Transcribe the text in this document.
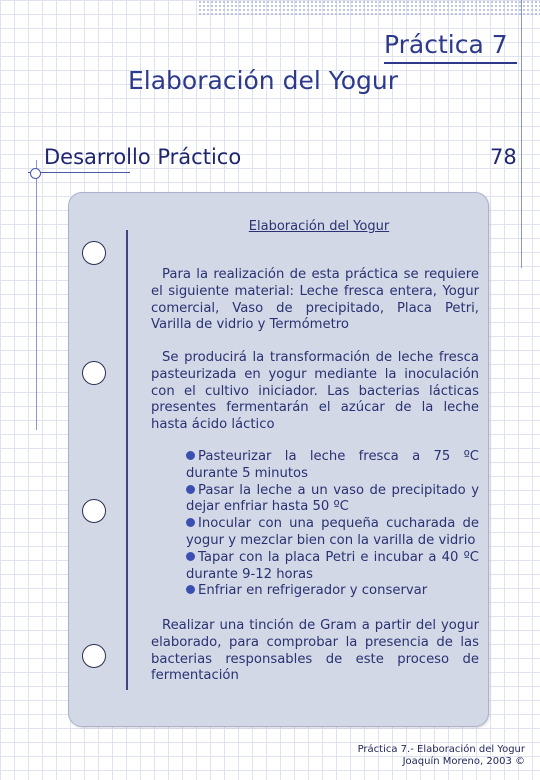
Práctica 7
Elaboración del Yogur
Desarrollo Práctico	78
Elaboración del Yogur

Para la realización de esta práctica se requiere el siguiente material: Leche fresca entera, Yogur comercial, Vaso de precipitado, Placa Petri, Varilla de vidrio y Termómetro

Se producirá la transformación de leche fresca pasteurizada en yogur mediante la inoculación con el cultivo iniciador. Las bacterias lácticas presentes fermentarán el azúcar de la leche hasta ácido láctico

Pasteurizar la leche fresca a 75 ºC durante 5 minutos
Pasar la leche a un vaso de precipitado y dejar enfriar hasta 50 ºC
Inocular con una pequeña cucharada de yogur y mezclar bien con la varilla de vidrio
Tapar con la placa Petri e incubar a 40 ºC durante 9-12 horas
Enfriar en refrigerador y conservar

Realizar una tinción de Gram a partir del yogur elaborado, para comprobar la presencia de las bacterias responsables de este proceso de fermentación

Práctica 7.- Elaboración del Yogur
Joaquín Moreno, 2003 ©
